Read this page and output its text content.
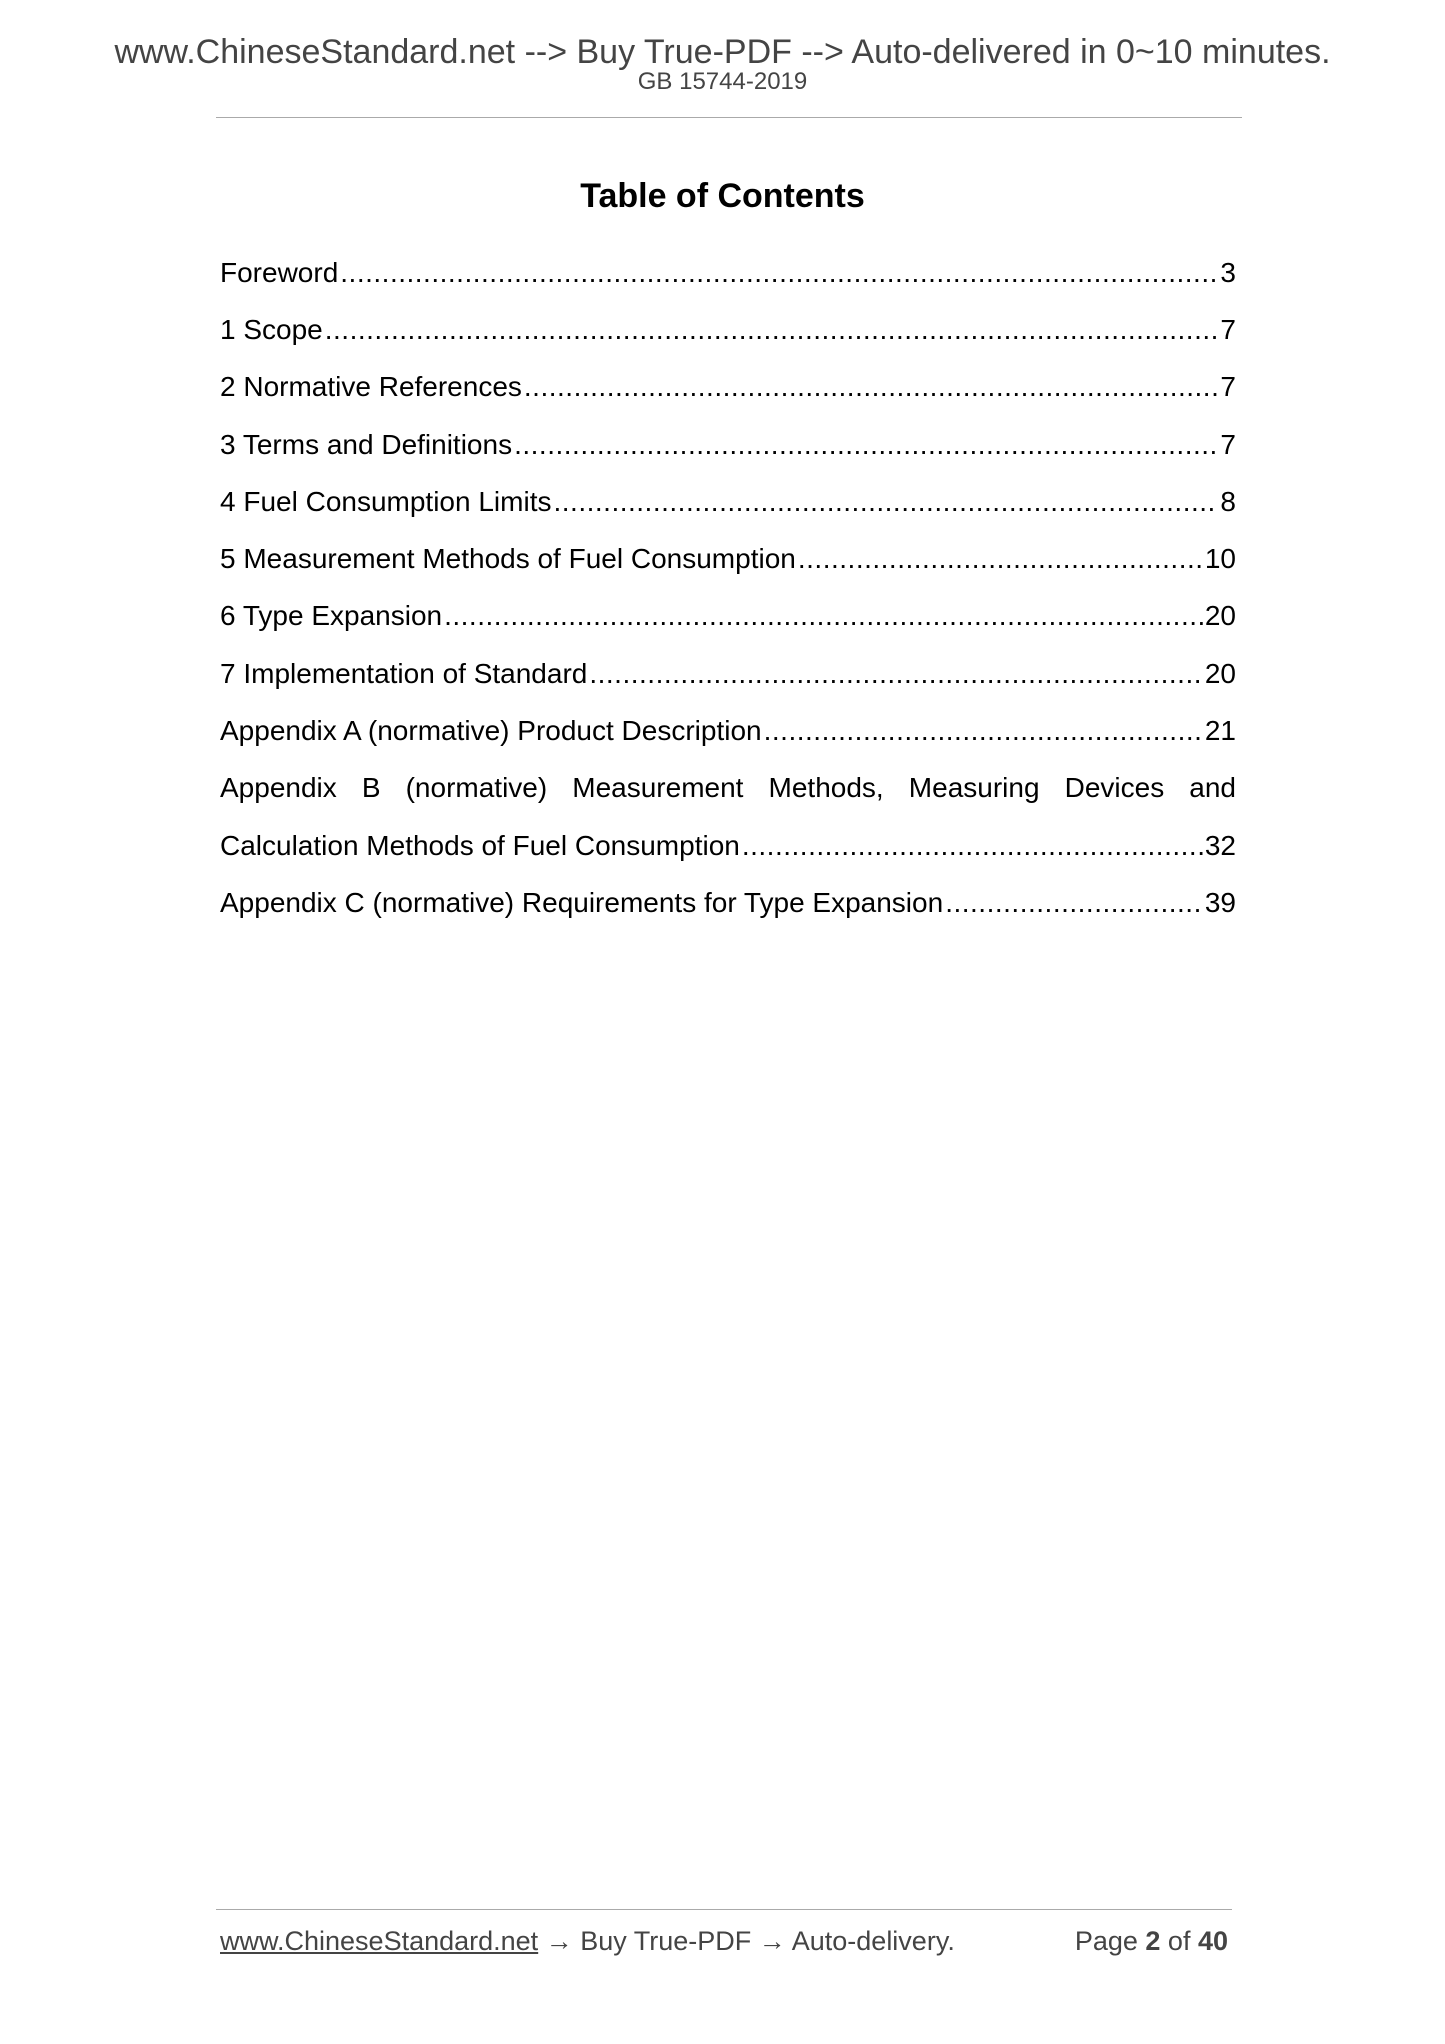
www.ChineseStandard.net --> Buy True-PDF --> Auto-delivered in 0~10 minutes.
GB 15744-2019
Table of Contents
Foreword .....	3
1 Scope .....	7
2 Normative References .....	7
3 Terms and Definitions .....	7
4 Fuel Consumption Limits .....	8
5 Measurement Methods of Fuel Consumption .....	10
6 Type Expansion .....	20
7 Implementation of Standard .....	20
Appendix A (normative) Product Description .....	21
Appendix B (normative) Measurement Methods, Measuring Devices and
Calculation Methods of Fuel Consumption .....	32
Appendix C (normative) Requirements for Type Expansion .....	39
www.ChineseStandard.net → Buy True-PDF → Auto-delivery.	Page 2 of 40
